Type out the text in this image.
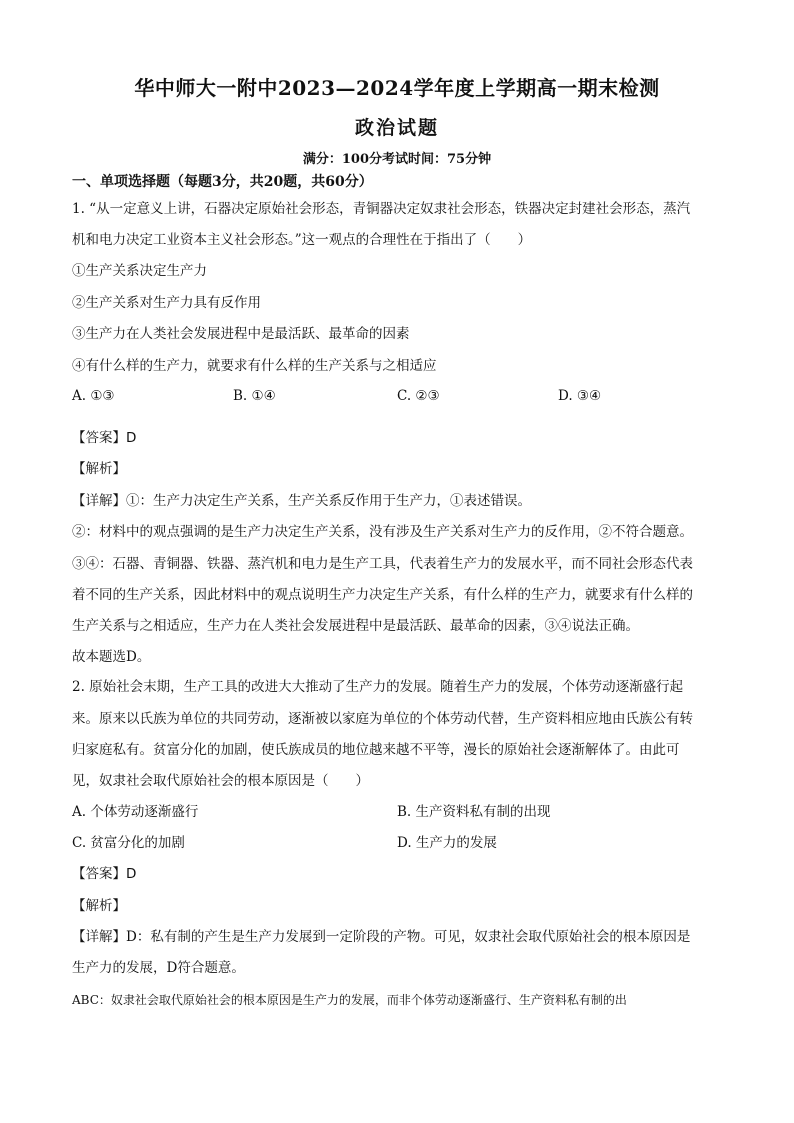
华中师大一附中2023—2024学年度上学期高一期末检测
政治试题
满分：100分考试时间：75分钟
一、单项选择题（每题3分，共20题，共60分）
1. “从一定意义上讲，石器决定原始社会形态，青铜器决定奴隶社会形态，铁器决定封建社会形态，蒸汽
机和电力决定工业资本主义社会形态。”这一观点的合理性在于指出了（　　）
①生产关系决定生产力
②生产关系对生产力具有反作用
③生产力在人类社会发展进程中是最活跃、最革命的因素
④有什么样的生产力，就要求有什么样的生产关系与之相适应
A. ①③	B. ①④	C. ②③	D. ③④
【答案】D
【解析】
【详解】①：生产力决定生产关系，生产关系反作用于生产力，①表述错误。
②：材料中的观点强调的是生产力决定生产关系，没有涉及生产关系对生产力的反作用，②不符合题意。
③④：石器、青铜器、铁器、蒸汽机和电力是生产工具，代表着生产力的发展水平，而不同社会形态代表
着不同的生产关系，因此材料中的观点说明生产力决定生产关系，有什么样的生产力，就要求有什么样的
生产关系与之相适应，生产力在人类社会发展进程中是最活跃、最革命的因素，③④说法正确。
故本题选D。
2. 原始社会末期，生产工具的改进大大推动了生产力的发展。随着生产力的发展，个体劳动逐渐盛行起
来。原来以氏族为单位的共同劳动，逐渐被以家庭为单位的个体劳动代替，生产资料相应地由氏族公有转
归家庭私有。贫富分化的加剧，使氏族成员的地位越来越不平等，漫长的原始社会逐渐解体了。由此可
见，奴隶社会取代原始社会的根本原因是（　　）
A. 个体劳动逐渐盛行	B. 生产资料私有制的出现
C. 贫富分化的加剧	D. 生产力的发展
【答案】D
【解析】
【详解】D：私有制的产生是生产力发展到一定阶段的产物。可见，奴隶社会取代原始社会的根本原因是
生产力的发展，D符合题意。
ABC：奴隶社会取代原始社会的根本原因是生产力的发展，而非个体劳动逐渐盛行、生产资料私有制的出
